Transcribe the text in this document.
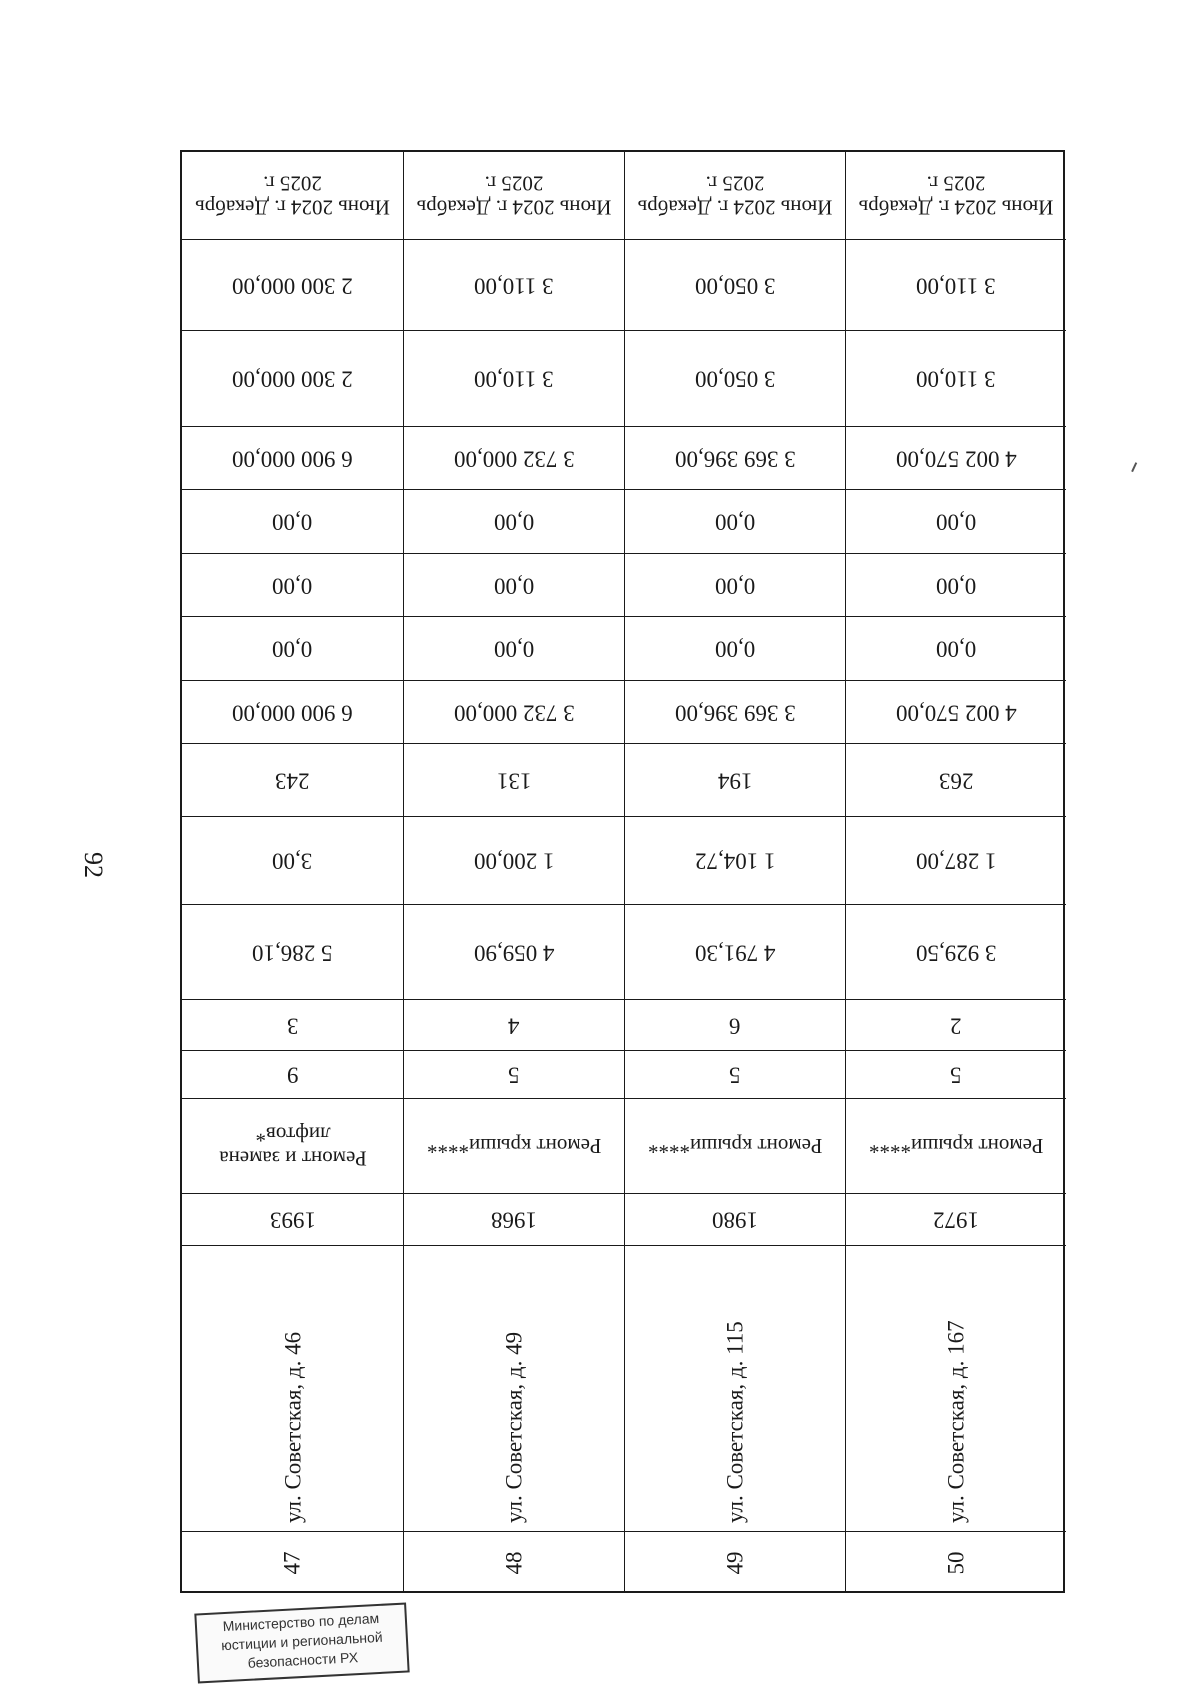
92
Июнь 2024 г. Декабрь 2025 г.
2 300 000,00
2 300 000,00
6 900 000,00
0,00
0,00
0,00
6 900 000,00
243
3,00
5 286,10
3
9
Ремонт и замена лифтов*
1993
ул. Советская, д. 46
47
Июнь 2024 г. Декабрь 2025 г.
3 110,00
3 110,00
3 732 000,00
0,00
0,00
0,00
3 732 000,00
131
1 200,00
4 059,90
4
5
Ремонт крыши****
1968
ул. Советская, д. 49
48
Июнь 2024 г. Декабрь 2025 г.
3 050,00
3 050,00
3 369 396,00
0,00
0,00
0,00
3 369 396,00
194
1 104,72
4 791,30
6
5
Ремонт крыши****
1980
ул. Советская, д. 115
49
Июнь 2024 г. Декабрь 2025 г.
3 110,00
3 110,00
4 002 570,00
0,00
0,00
0,00
4 002 570,00
263
1 287,00
3 929,50
2
5
Ремонт крыши****
1972
ул. Советская, д. 167
50
Министерство по делам
юстиции и региональной
безопасности РХ
